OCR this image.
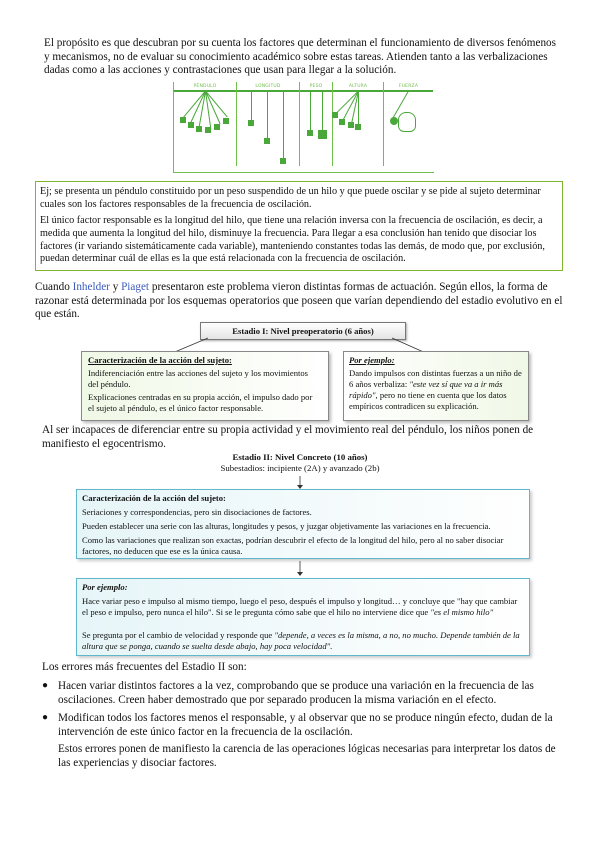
El propósito es que descubran por su cuenta los factores que determinan el funcionamiento de diversos fenómenos y mecanismos, no de evaluar su conocimiento académico sobre estas tareas. Atienden tanto a las verbalizaciones dadas como a las acciones y contrastaciones que usan para llegar a la solución.

PÉNDULO	LONGITUD	PESO	ALTURA	FUERZA

Ej; se presenta un péndulo constituido por un peso suspendido de un hilo y que puede oscilar y se pide al sujeto determinar cuales son los factores responsables de la frecuencia de oscilación.

El único factor responsable es la longitud del hilo, que tiene una relación inversa con la frecuencia de oscilación, es decir, a medida que aumenta la longitud del hilo, disminuye la frecuencia. Para llegar a esa conclusión han tenido que disociar los factores (ir variando sistemáticamente cada variable), manteniendo constantes todas las demás, de modo que, por exclusión, puedan determinar cuál de ellas es la que está relacionada con la frecuencia de oscilación.

Cuando Inhelder y Piaget presentaron este problema vieron distintas formas de actuación. Según ellos, la forma de razonar está determinada por los esquemas operatorios que poseen que varían dependiendo del estadio evolutivo en el que están.

Estadio I: Nivel preoperatorio (6 años)
Caracterización de la acción del sujeto:
Indiferenciación entre las acciones del sujeto y los movimientos del péndulo.
Explicaciones centradas en su propia acción, el impulso dado por el sujeto al péndulo, es el único factor responsable.
Por ejemplo:
Dando impulsos con distintas fuerzas a un niño de 6 años verbaliza: "este vez sí que va a ir más rápido", pero no tiene en cuenta que los datos empíricos contradicen su explicación.

Al ser incapaces de diferenciar entre su propia actividad y el movimiento real del péndulo, los niños ponen de manifiesto el egocentrismo.

Estadio II: Nivel Concreto (10 años)
Subestadios: incipiente (2A) y avanzado (2b)
Caracterización de la acción del sujeto:
Seriaciones y correspondencias, pero sin disociaciones de factores.
Pueden establecer una serie con las alturas, longitudes y pesos, y juzgar objetivamente las variaciones en la frecuencia.
Como las variaciones que realizan son exactas, podrían descubrir el efecto de la longitud del hilo, pero al no saber disociar factores, no deducen que ese es la única causa.
Por ejemplo:
Hace variar peso e impulso al mismo tiempo, luego el peso, después el impulso y longitud… y concluye que "hay que cambiar el peso e impulso, pero nunca el hilo". Si se le pregunta cómo sabe que el hilo no interviene dice que "es el mismo hilo"
Se pregunta por el cambio de velocidad y responde que "depende, a veces es la misma, a no, no mucho. Depende también de la altura que se ponga, cuando se suelta desde abajo, hay poca velocidad".

Los errores más frecuentes del Estadio II son:

● Hacen variar distintos factores a la vez, comprobando que se produce una variación en la frecuencia de las oscilaciones. Creen haber demostrado que por separado producen la misma variación en el efecto.

● Modifican todos los factores menos el responsable, y al observar que no se produce ningún efecto, dudan de la intervención de este único factor en la frecuencia de la oscilación.

Estos errores ponen de manifiesto la carencia de las operaciones lógicas necesarias para interpretar los datos de las experiencias y disociar factores.
